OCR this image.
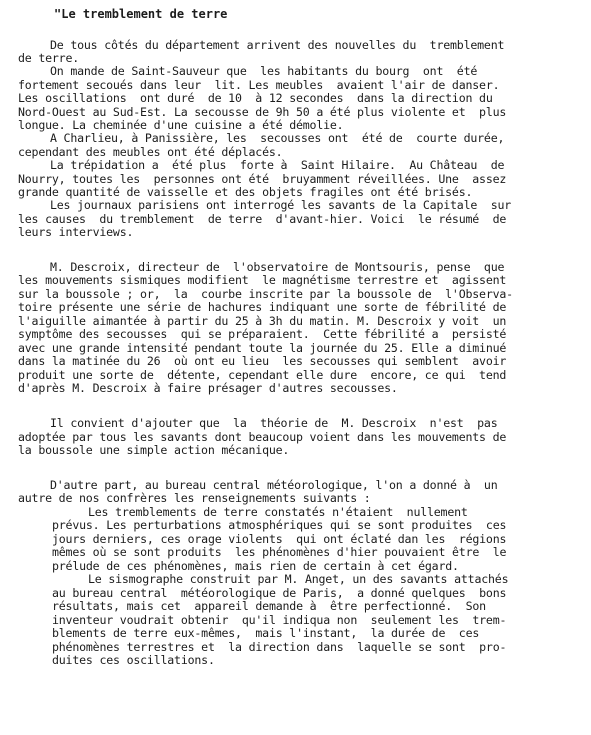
"Le tremblement de terre
De tous côtés du département arrivent des nouvelles du  tremblement
de terre.
On mande de Saint-Sauveur que  les habitants du bourg  ont  été
fortement secoués dans leur  lit. Les meubles  avaient l'air de danser.
Les oscillations  ont duré  de 10  à 12 secondes  dans la direction du
Nord-Ouest au Sud-Est. La secousse de 9h 50 a été plus violente et  plus
longue. La cheminée d'une cuisine a été démolie.
A Charlieu, à Panissière, les  secousses ont  été de  courte durée,
cependant des meubles ont été déplacés.
La trépidation a  été plus  forte à  Saint Hilaire.  Au Château  de
Nourry, toutes les  personnes ont été  bruyamment réveillées. Une  assez
grande quantité de vaisselle et des objets fragiles ont été brisés.
Les journaux parisiens ont interrogé les savants de la Capitale  sur
les causes  du tremblement  de terre  d'avant-hier. Voici  le résumé  de
leurs interviews.
M. Descroix, directeur de  l'observatoire de Montsouris, pense  que
les mouvements sismiques modifient  le magnétisme terrestre et  agissent
sur la boussole ; or,  la  courbe inscrite par la boussole de  l'Observa-
toire présente une série de hachures indiquant une sorte de fébrilité de
l'aiguille aimantée à partir du 25 à 3h du matin. M. Descroix y voit  un
symptôme des secousses  qui se préparaient.  Cette fébrilité a  persisté
avec une grande intensité pendant toute la journée du 25. Elle a diminué
dans la matinée du 26  où ont eu lieu  les secousses qui semblent  avoir
produit une sorte de  détente, cependant elle dure  encore, ce qui  tend
d'après M. Descroix à faire présager d'autres secousses.
Il convient d'ajouter que  la  théorie de  M. Descroix  n'est  pas
adoptée par tous les savants dont beaucoup voient dans les mouvements de
la boussole une simple action mécanique.
D'autre part, au bureau central météorologique, l'on a donné à  un
autre de nos confrères les renseignements suivants :
Les tremblements de terre constatés n'étaient  nullement
prévus. Les perturbations atmosphériques qui se sont produites  ces
jours derniers, ces orage violents  qui ont éclaté dan les  régions
mêmes où se sont produits  les phénomènes d'hier pouvaient être  le
prélude de ces phénomènes, mais rien de certain à cet égard.
Le sismographe construit par M. Anget, un des savants attachés
au bureau central  météorologique de Paris,  a donné quelques  bons
résultats, mais cet  appareil demande à  être perfectionné.  Son
inventeur voudrait obtenir  qu'il indiqua non  seulement les  trem-
blements de terre eux-mêmes,  mais l'instant,  la durée de  ces
phénomènes terrestres et  la direction dans  laquelle se sont  pro-
duites ces oscillations.
